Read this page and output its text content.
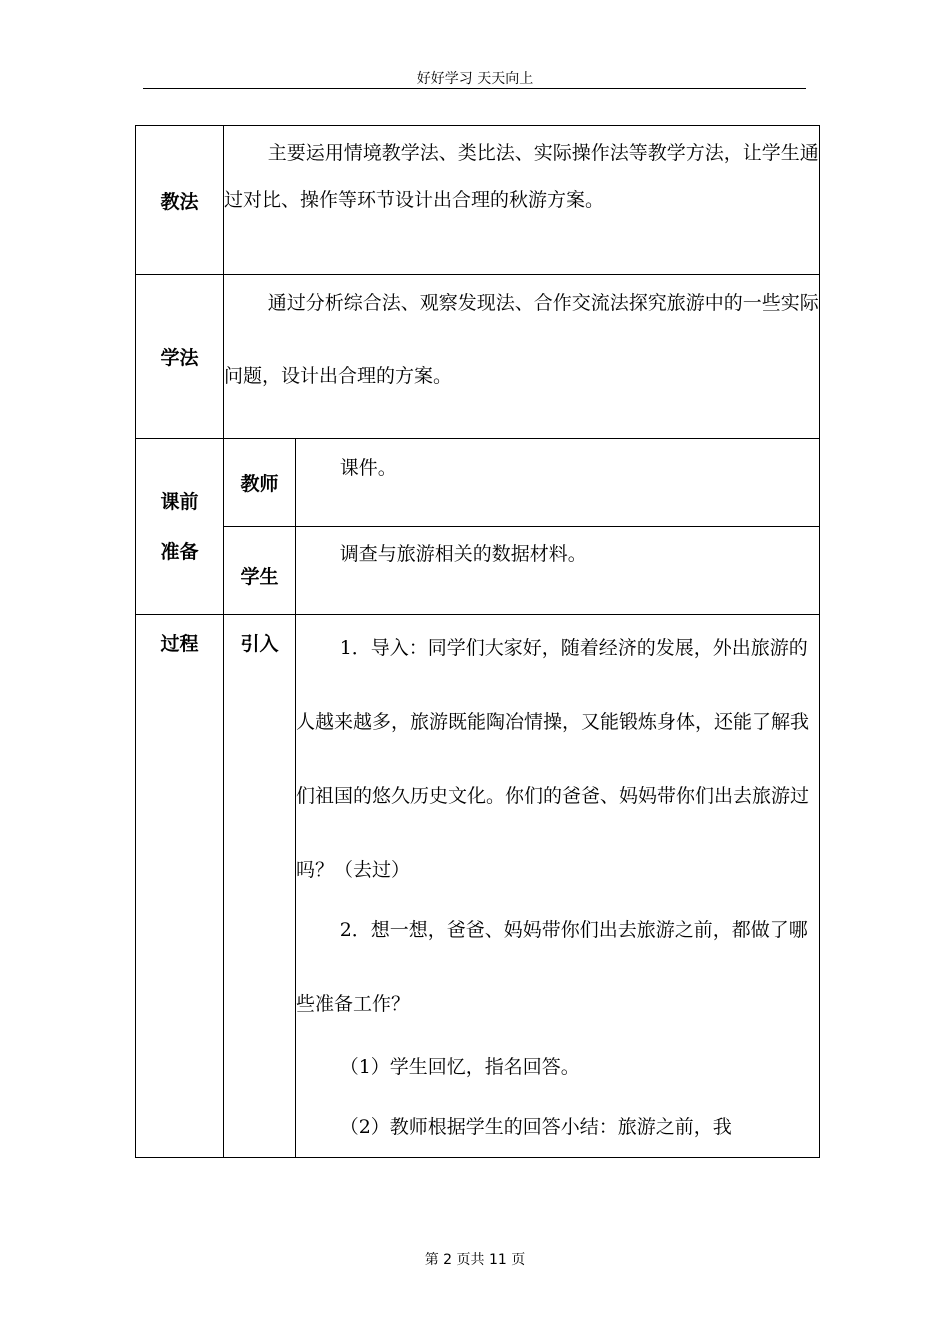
好好学习 天天向上
教法	主要运用情境教学法、类比法、实际操作法等教学方法，让学生通过对比、操作等环节设计出合理的秋游方案。	

学法	通过分析综合法、观察发现法、合作交流法探究旅游中的一些实际问题，设计出合理的方案。	

课前
准备	教师	课件。

	学生	调查与旅游相关的数据材料。

过程	引入	1．导入：同学们大家好，随着经济的发展，外出旅游的人越来越多，旅游既能陶冶情操，又能锻炼身体，还能了解我们祖国的悠久历史文化。你们的爸爸、妈妈带你们出去旅游过吗？（去过）

2．想一想，爸爸、妈妈带你们出去旅游之前，都做了哪些准备工作？

（1）学生回忆，指名回答。

（2）教师根据学生的回答小结：旅游之前，我

第 2 页共 11 页
